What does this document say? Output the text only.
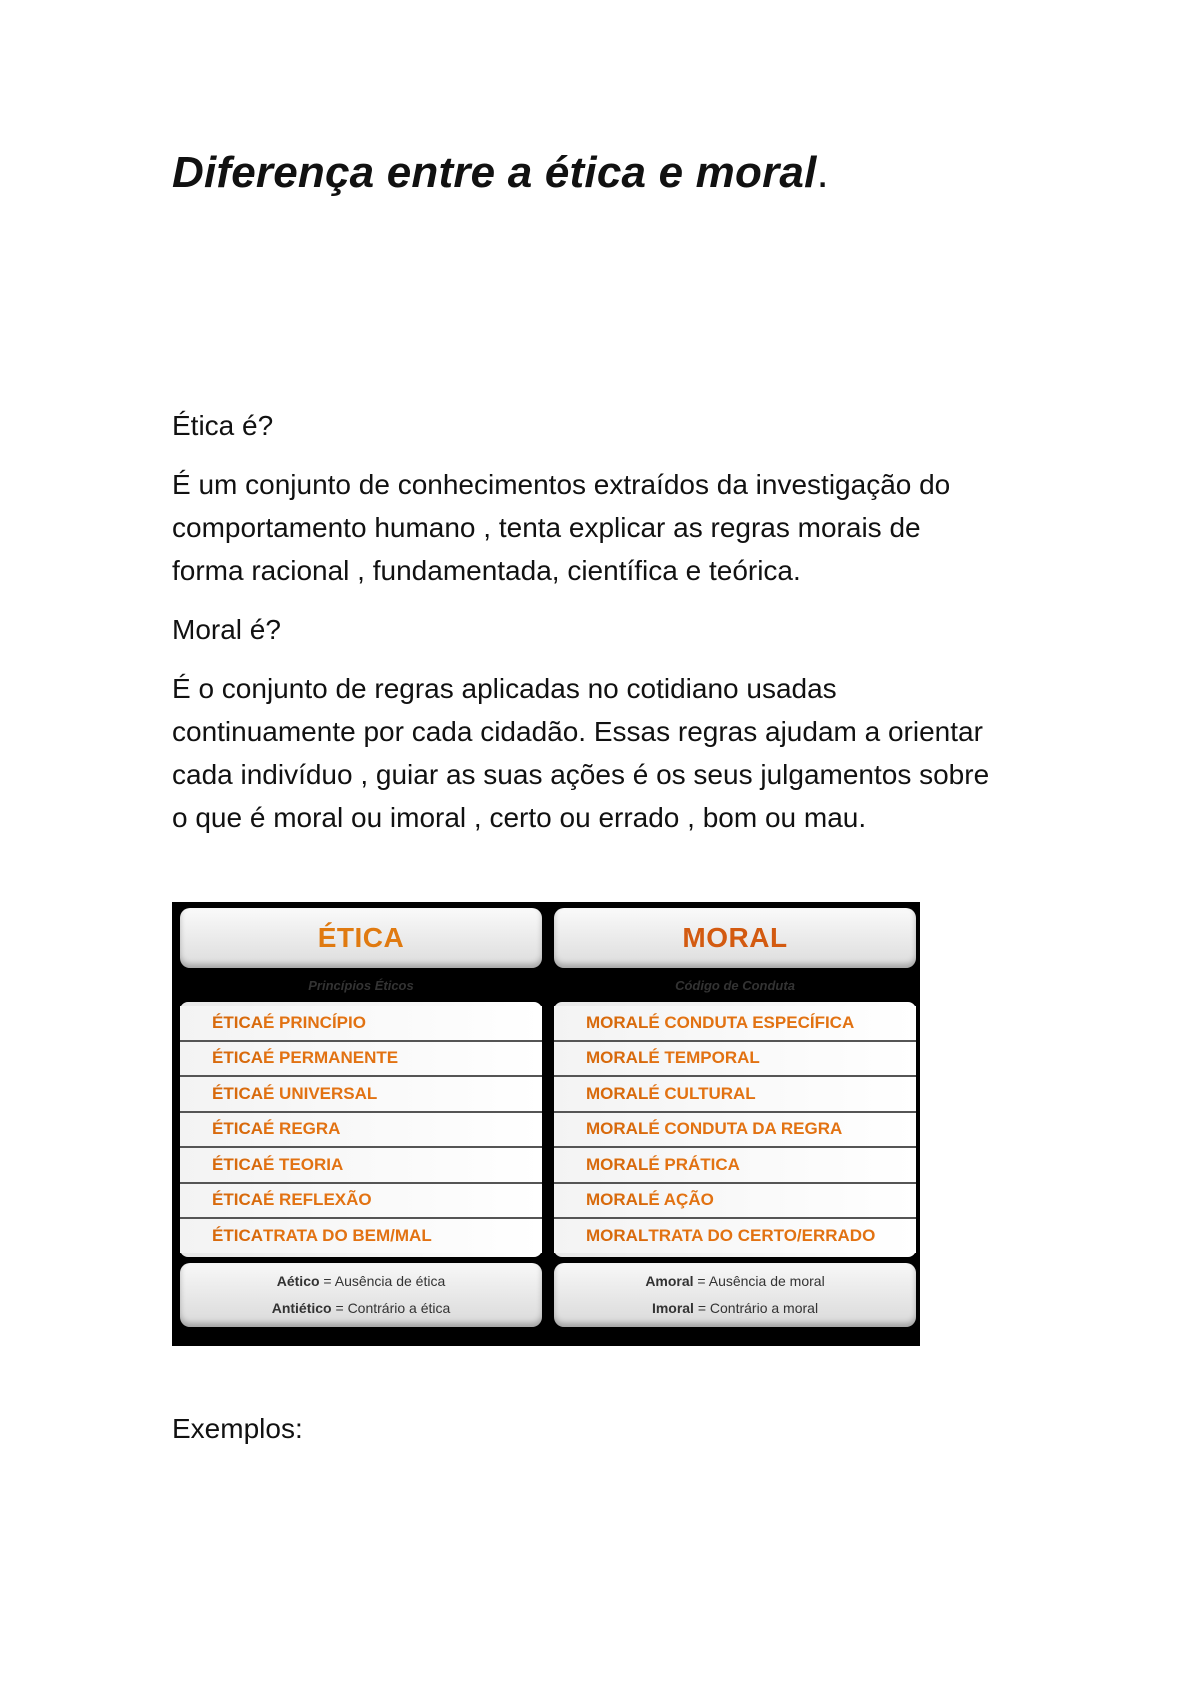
Diferença entre a ética e moral.

Ética é?

É um conjunto de conhecimentos extraídos da investigação do
comportamento humano , tenta explicar as regras morais de
forma racional , fundamentada, científica e teórica.

Moral é?

É o conjunto de regras aplicadas no cotidiano usadas
continuamente por cada cidadão. Essas regras ajudam a orientar
cada indivíduo , guiar as suas ações é os seus julgamentos sobre
o que é moral ou imoral , certo ou errado , bom ou mau.

ÉTICA
Princípios Éticos
ÉTICA É PRINCÍPIO
ÉTICA É PERMANENTE
ÉTICA É UNIVERSAL
ÉTICA É REGRA
ÉTICA É TEORIA
ÉTICA É REFLEXÃO
ÉTICA TRATA DO BEM/MAL
Aético = Ausência de ética
Antiético = Contrário a ética
MORAL
Código de Conduta
MORAL É CONDUTA ESPECÍFICA
MORAL É TEMPORAL
MORAL É CULTURAL
MORAL É CONDUTA DA REGRA
MORAL É PRÁTICA
MORAL É AÇÃO
MORAL TRATA DO CERTO/ERRADO
Amoral = Ausência de moral
Imoral = Contrário a moral

Exemplos:
